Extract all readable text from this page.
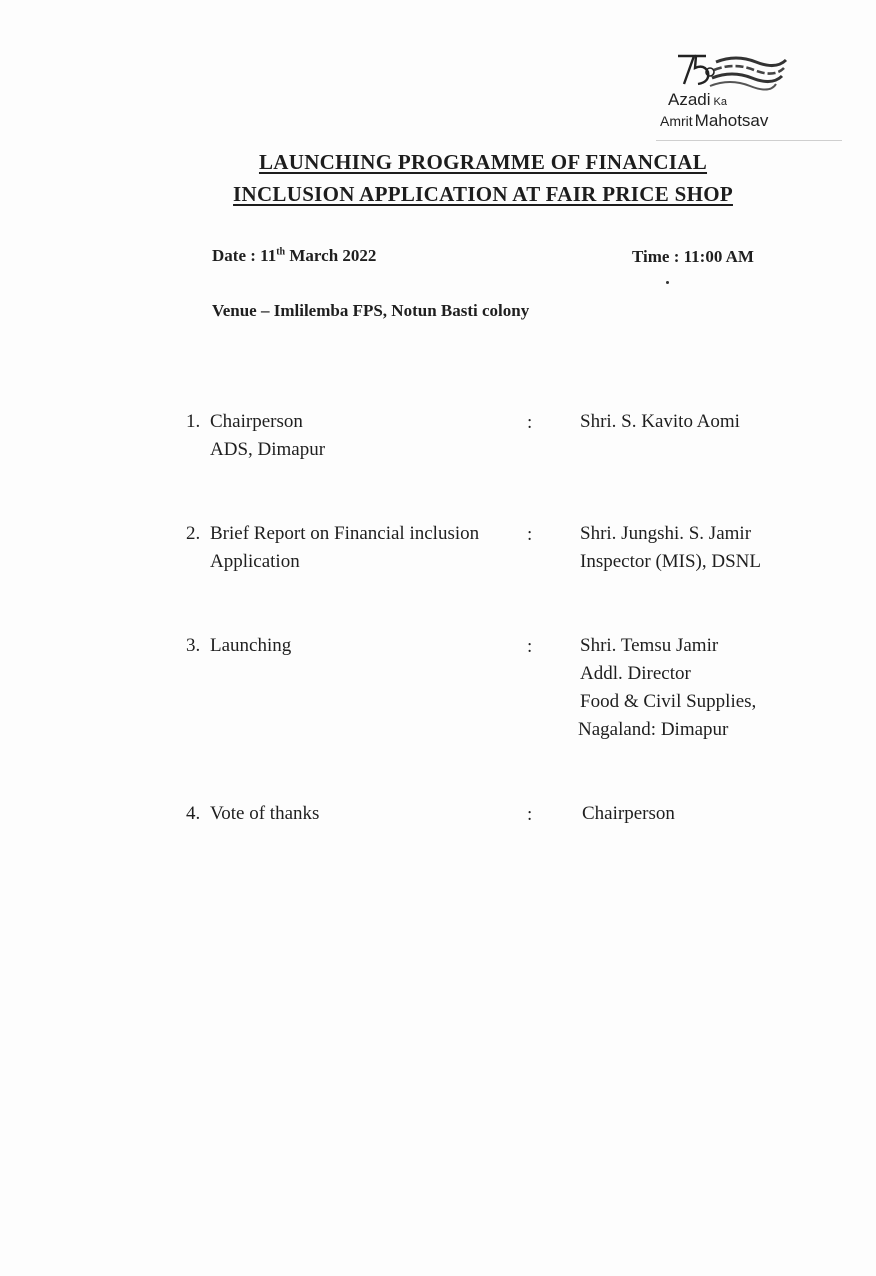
Azadi Ka
Amrit Mahotsav
LAUNCHING PROGRAMME OF FINANCIAL
INCLUSION APPLICATION AT FAIR PRICE SHOP
Date : 11th March 2022	Time : 11:00 AM
Venue – Imlilemba FPS, Notun Basti colony
1. Chairperson
ADS, Dimapur
:	Shri. S. Kavito Aomi
2. Brief Report on Financial inclusion
Application
:	Shri. Jungshi. S. Jamir
Inspector (MIS), DSNL
3. Launching	:	Shri. Temsu Jamir
Addl. Director
Food & Civil Supplies,
Nagaland: Dimapur
4. Vote of thanks	:	Chairperson
